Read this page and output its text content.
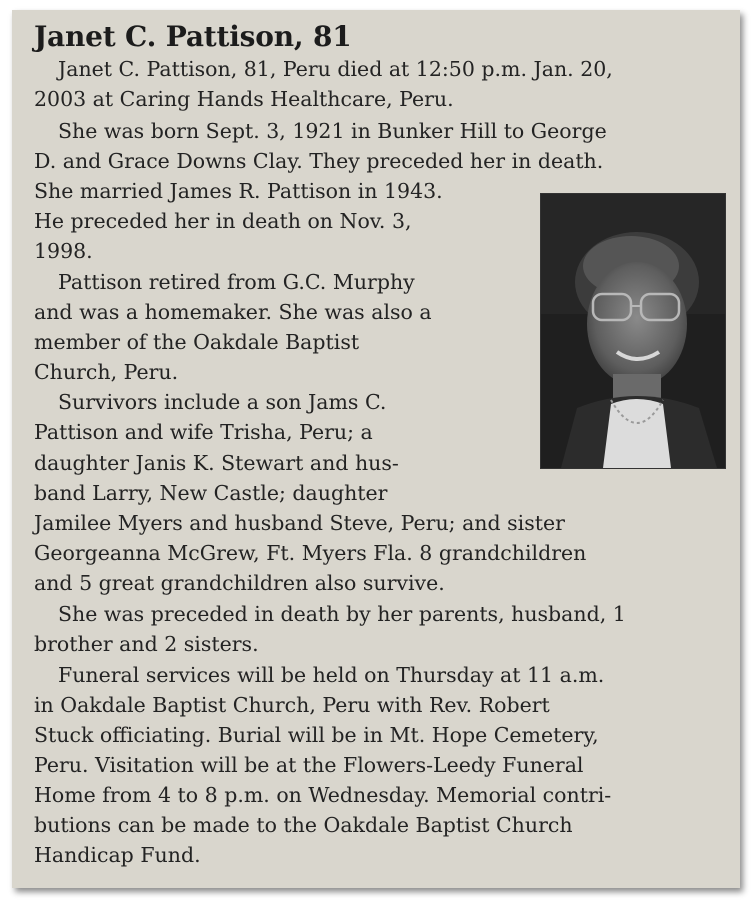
Janet C. Pattison, 81

Janet C. Pattison, 81, Peru died at 12:50 p.m. Jan. 20,

2003 at Caring Hands Healthcare, Peru.

She was born Sept. 3, 1921 in Bunker Hill to George

D. and Grace Downs Clay. They preceded her in death.

She married James R. Pattison in 1943.

He preceded her in death on Nov. 3,

1998.

Pattison retired from G.C. Murphy

and was a homemaker. She was also a

member of the Oakdale Baptist

Church, Peru.

Survivors include a son Jams C.

Pattison and wife Trisha, Peru; a

daughter Janis K. Stewart and hus-

band Larry, New Castle; daughter

Jamilee Myers and husband Steve, Peru; and sister

Georgeanna McGrew, Ft. Myers Fla. 8 grandchildren

and 5 great grandchildren also survive.

She was preceded in death by her parents, husband, 1

brother and 2 sisters.

Funeral services will be held on Thursday at 11 a.m.

in Oakdale Baptist Church, Peru with Rev. Robert

Stuck officiating. Burial will be in Mt. Hope Cemetery,

Peru. Visitation will be at the Flowers-Leedy Funeral

Home from 4 to 8 p.m. on Wednesday. Memorial contri-

butions can be made to the Oakdale Baptist Church

Handicap Fund.
